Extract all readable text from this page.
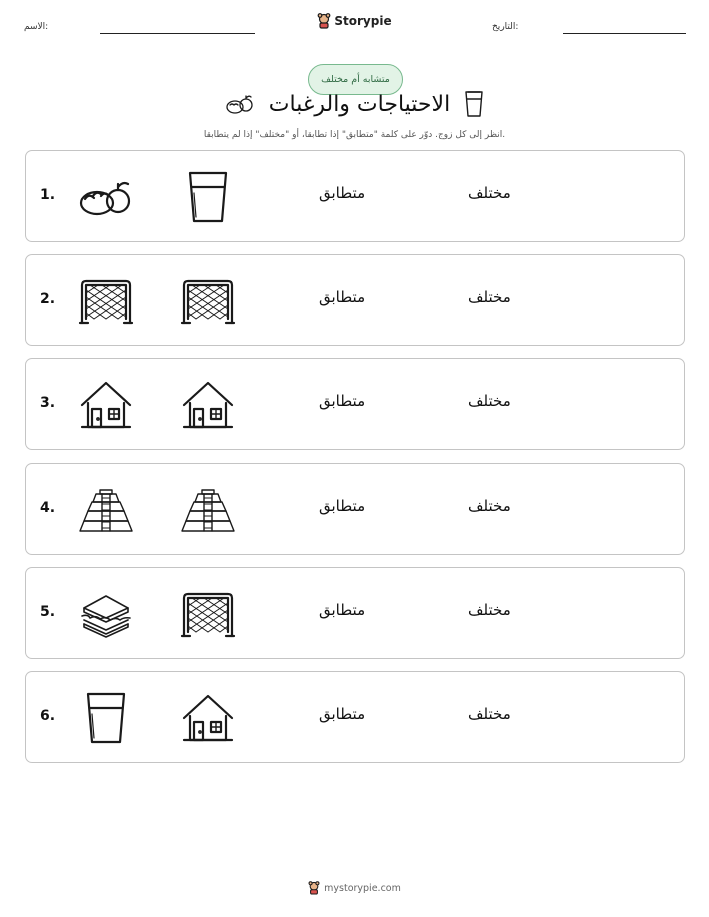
الاسم:	التاريخ:
Storypie
متشابه أم مختلف
الاحتياجات والرغبات
انظر إلى كل زوج. دوّر على كلمة "متطابق" إذا تطابقا، أو "مختلف" إذا لم يتطابقا.
1.	متطابق	مختلف
2.	متطابق	مختلف
3.	متطابق	مختلف
4.	متطابق	مختلف
5.	متطابق	مختلف
6.	متطابق	مختلف
mystorypie.com
